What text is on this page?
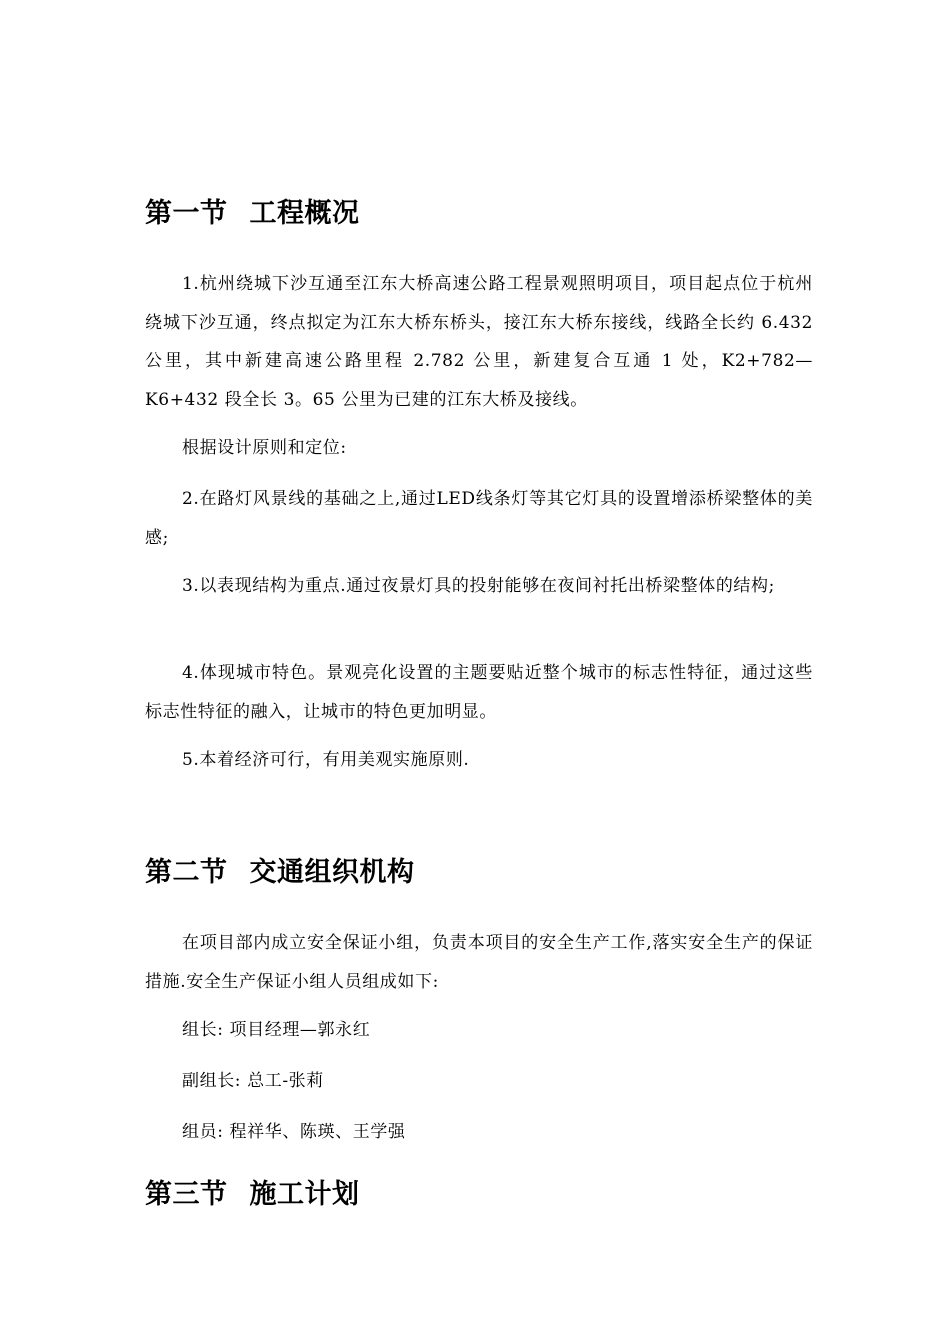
第一节 工程概况

1.杭州绕城下沙互通至江东大桥高速公路工程景观照明项目，项目起点位于杭州绕城下沙互通，终点拟定为江东大桥东桥头，接江东大桥东接线，线路全长约 6.432 公里，其中新建高速公路里程 2.782 公里，新建复合互通 1 处，K2+782—K6+432 段全长 3。65 公里为已建的江东大桥及接线。

根据设计原则和定位:

2.在路灯风景线的基础之上,通过LED线条灯等其它灯具的设置增添桥梁整体的美感;

3.以表现结构为重点.通过夜景灯具的投射能够在夜间衬托出桥梁整体的结构;

4.体现城市特色。景观亮化设置的主题要贴近整个城市的标志性特征，通过这些标志性特征的融入，让城市的特色更加明显。

5.本着经济可行，有用美观实施原则.

第二节 交通组织机构

在项目部内成立安全保证小组，负责本项目的安全生产工作,落实安全生产的保证措施.安全生产保证小组人员组成如下:

组长: 项目经理—郭永红

副组长: 总工-张莉

组员: 程祥华、陈瑛、王学强

第三节 施工计划
